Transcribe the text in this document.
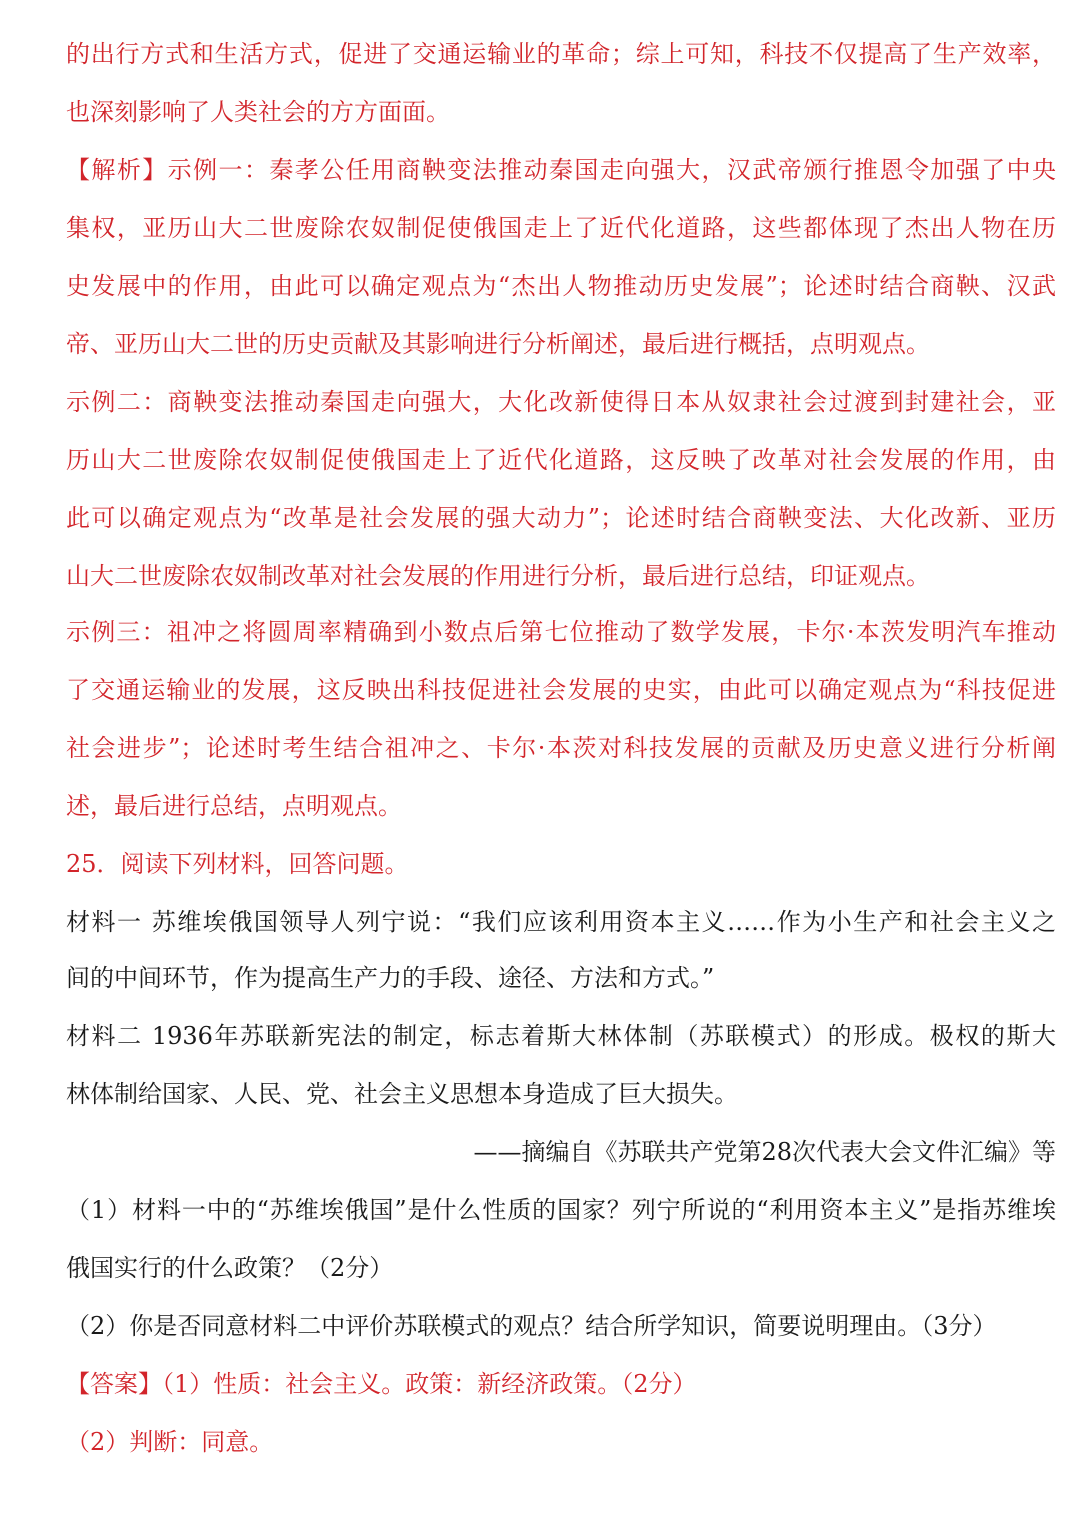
的出行方式和生活方式，促进了交通运输业的革命；综上可知，科技不仅提高了生产效率，
也深刻影响了人类社会的方方面面。
【解析】示例一：秦孝公任用商鞅变法推动秦国走向强大，汉武帝颁行推恩令加强了中央
集权，亚历山大二世废除农奴制促使俄国走上了近代化道路，这些都体现了杰出人物在历
史发展中的作用，由此可以确定观点为“杰出人物推动历史发展”；论述时结合商鞅、汉武
帝、亚历山大二世的历史贡献及其影响进行分析阐述，最后进行概括，点明观点。
示例二：商鞅变法推动秦国走向强大，大化改新使得日本从奴隶社会过渡到封建社会，亚
历山大二世废除农奴制促使俄国走上了近代化道路，这反映了改革对社会发展的作用，由
此可以确定观点为“改革是社会发展的强大动力”；论述时结合商鞅变法、大化改新、亚历
山大二世废除农奴制改革对社会发展的作用进行分析，最后进行总结，印证观点。
示例三：祖冲之将圆周率精确到小数点后第七位推动了数学发展，卡尔·本茨发明汽车推动
了交通运输业的发展，这反映出科技促进社会发展的史实，由此可以确定观点为“科技促进
社会进步”；论述时考生结合祖冲之、卡尔·本茨对科技发展的贡献及历史意义进行分析阐
述，最后进行总结，点明观点。
25．阅读下列材料，回答问题。
材料一 苏维埃俄国领导人列宁说：“我们应该利用资本主义……作为小生产和社会主义之
间的中间环节，作为提高生产力的手段、途径、方法和方式。”
材料二 1936年苏联新宪法的制定，标志着斯大林体制（苏联模式）的形成。极权的斯大
林体制给国家、人民、党、社会主义思想本身造成了巨大损失。
——摘编自《苏联共产党第28次代表大会文件汇编》等
（1）材料一中的“苏维埃俄国”是什么性质的国家？列宁所说的“利用资本主义”是指苏维埃
俄国实行的什么政策？（2分）
（2）你是否同意材料二中评价苏联模式的观点？结合所学知识，简要说明理由。（3分）
【答案】（1）性质：社会主义。政策：新经济政策。（2分）
（2）判断：同意。
